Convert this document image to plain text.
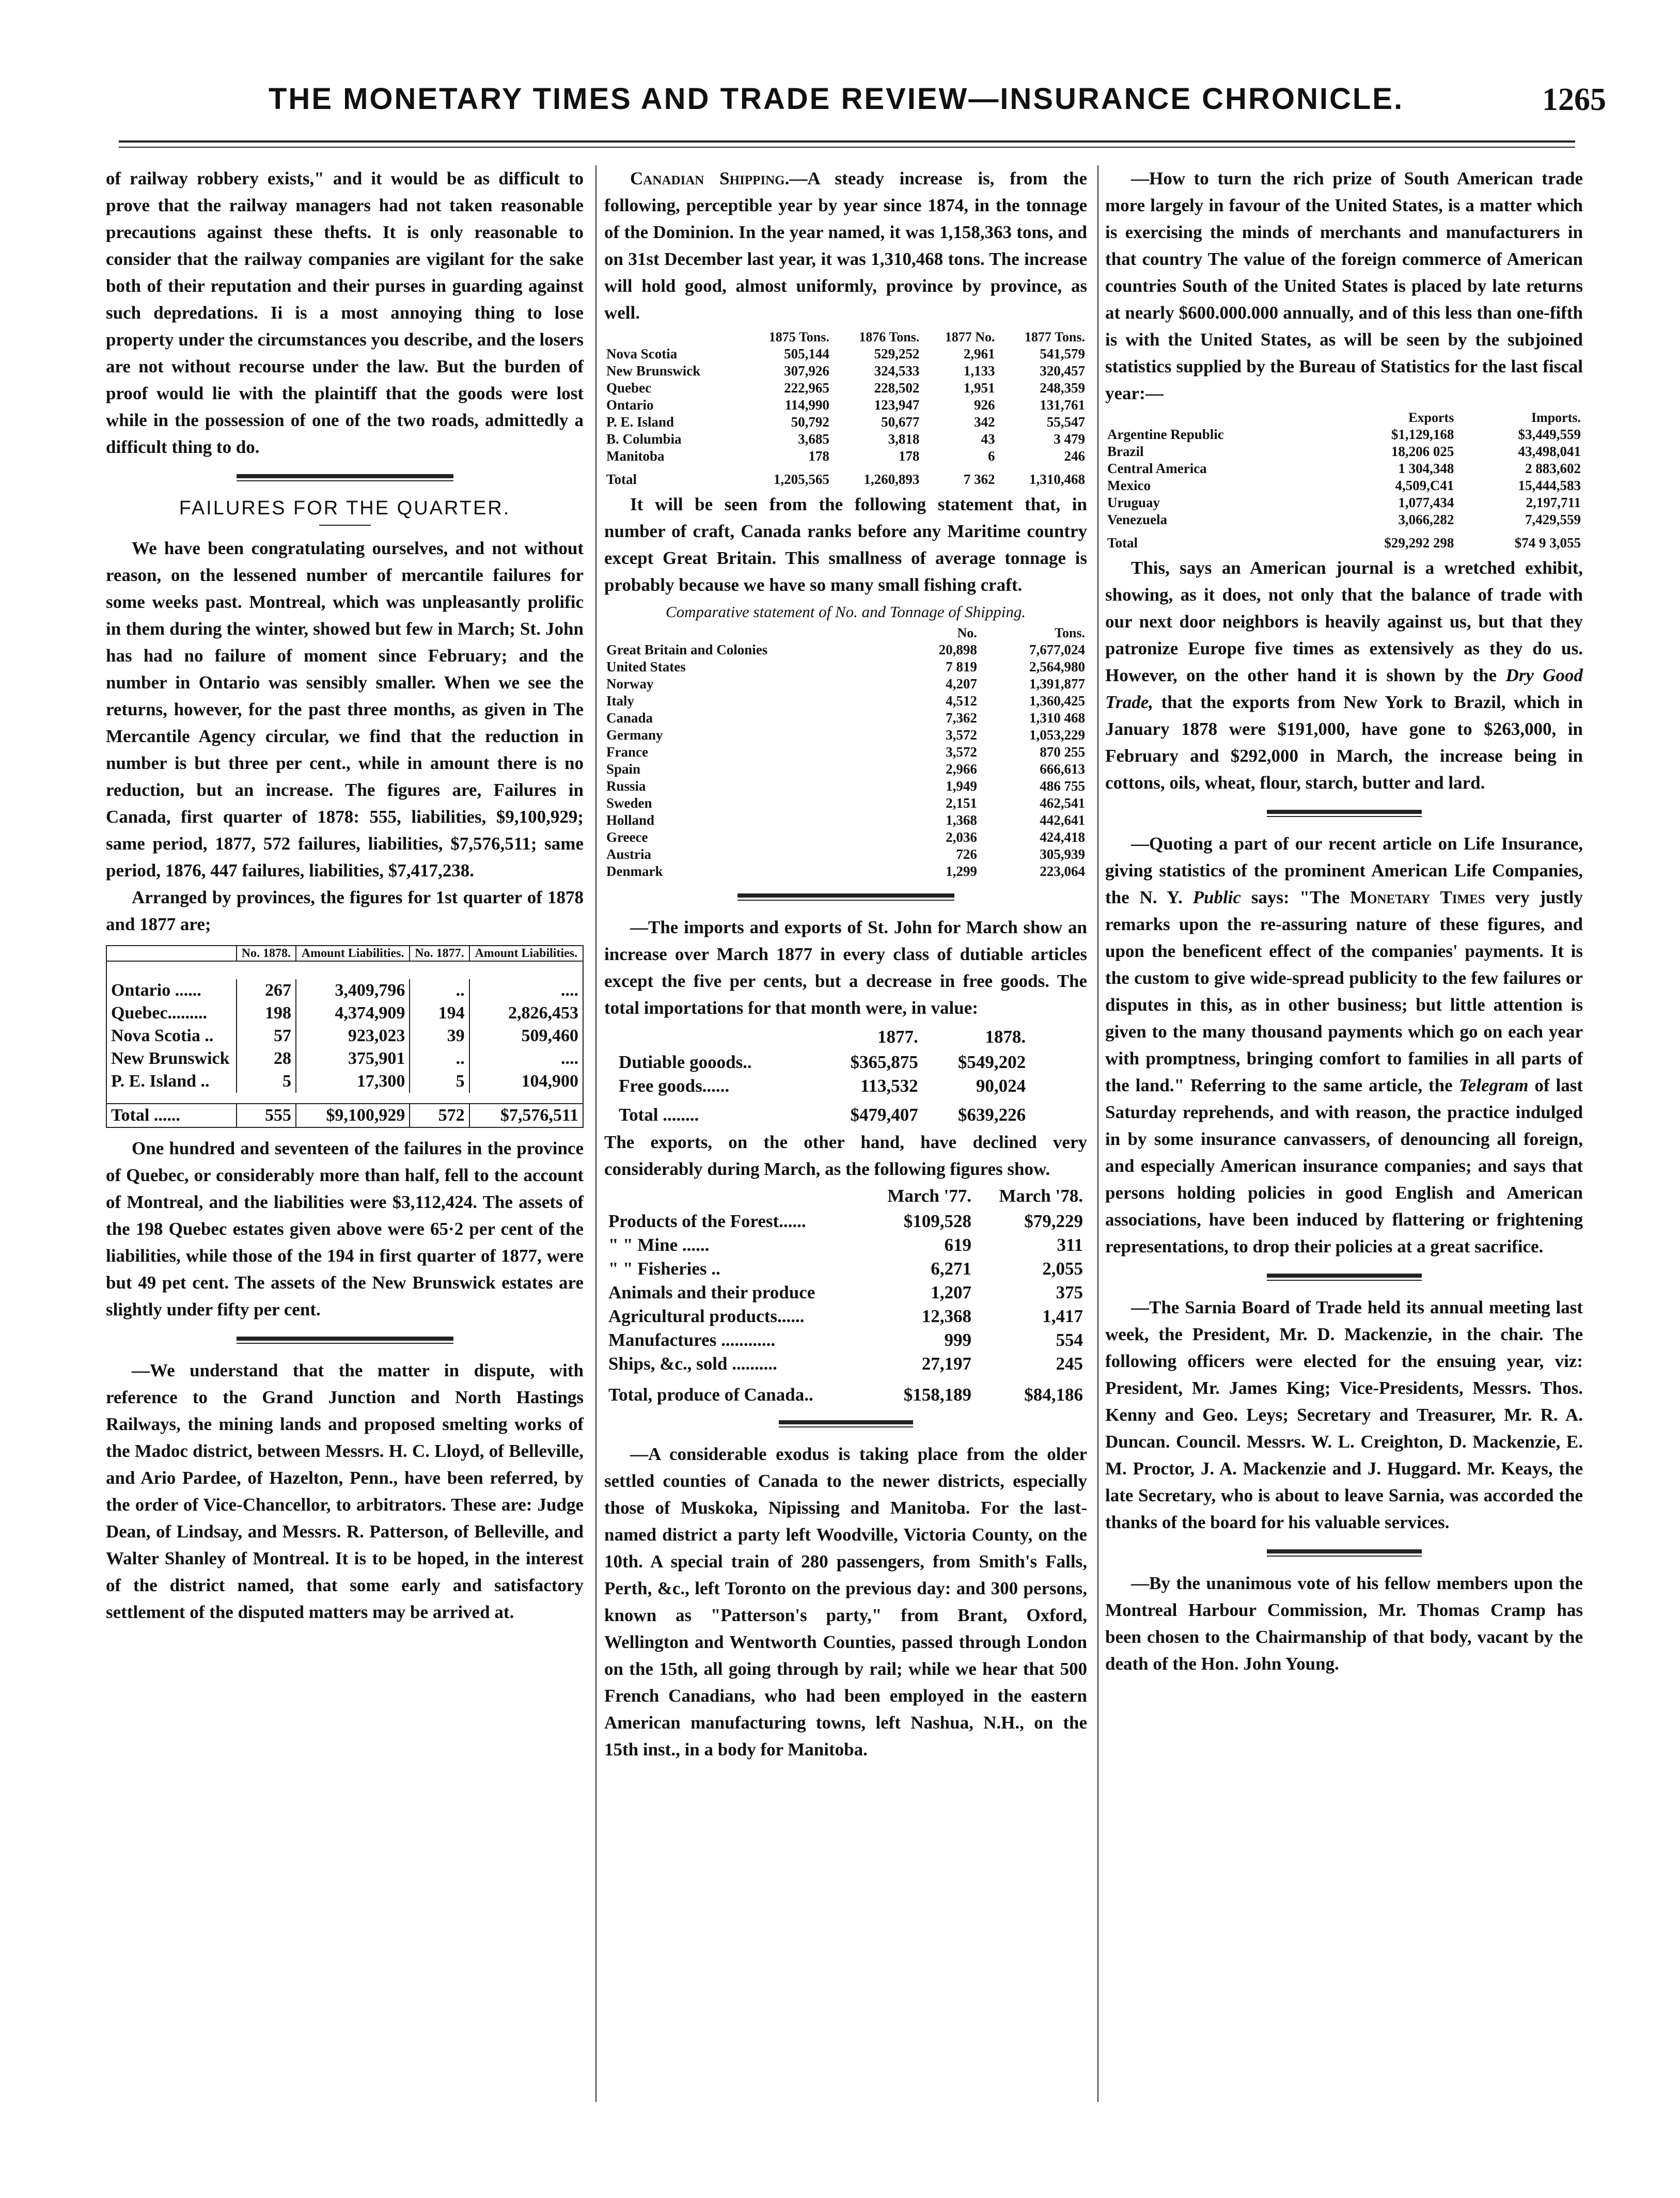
THE MONETARY TIMES AND TRADE REVIEW—INSURANCE CHRONICLE.	1265

of railway robbery exists," and it would be as difficult to prove that the railway managers had not taken reasonable precautions against these thefts. It is only reasonable to consider that the railway companies are vigilant for the sake both of their reputation and their purses in guarding against such depredations. Ii is a most annoying thing to lose property under the circumstances you describe, and the losers are not without recourse under the law. But the burden of proof would lie with the plaintiff that the goods were lost while in the possession of one of the two roads, admittedly a difficult thing to do.

FAILURES FOR THE QUARTER.

We have been congratulating ourselves, and not without reason, on the lessened number of mercantile failures for some weeks past. Montreal, which was unpleasantly prolific in them during the winter, showed but few in March; St. John has had no failure of moment since February; and the number in Ontario was sensibly smaller. When we see the returns, however, for the past three months, as given in The Mercantile Agency circular, we find that the reduction in number is but three per cent., while in amount there is no reduction, but an increase. The figures are, Failures in Canada, first quarter of 1878: 555, liabilities, $9,100,929; same period, 1877, 572 failures, liabilities, $7,576,511; same period, 1876, 447 failures, liabilities, $7,417,238.

Arranged by provinces, the figures for 1st quarter of 1878 and 1877 are;

	No. 1878.	Amount Liabilities.	No. 1877.	Amount Liabilities.

Ontario ......	267	3,409,796	..	....
Quebec.........	198	4,374,909	194	2,826,453
Nova Scotia ..	57	923,023	39	509,460
New Brunswick	28	375,901	..	....
P. E. Island ..	5	17,300	5	104,900

Total ......	555	$9,100,929	572	$7,576,511

One hundred and seventeen of the failures in the province of Quebec, or considerably more than half, fell to the account of Montreal, and the liabilities were $3,112,424. The assets of the 198 Quebec estates given above were 65·2 per cent of the liabilities, while those of the 194 in first quarter of 1877, were but 49 pet cent. The assets of the New Brunswick estates are slightly under fifty per cent.

—We understand that the matter in dispute, with reference to the Grand Junction and North Hastings Railways, the mining lands and proposed smelting works of the Madoc district, between Messrs. H. C. Lloyd, of Belleville, and Ario Pardee, of Hazelton, Penn., have been referred, by the order of Vice-Chancellor, to arbitrators. These are: Judge Dean, of Lindsay, and Messrs. R. Patterson, of Belleville, and Walter Shanley of Montreal. It is to be hoped, in the interest of the district named, that some early and satisfactory settlement of the disputed matters may be arrived at.

Canadian Shipping.—A steady increase is, from the following, perceptible year by year since 1874, in the tonnage of the Dominion. In the year named, it was 1,158,363 tons, and on 31st December last year, it was 1,310,468 tons. The increase will hold good, almost uniformly, province by province, as well.

	1875 Tons.	1876 Tons.	1877 No.	1877 Tons.
Nova Scotia	505,144	529,252	2,961	541,579
New Brunswick	307,926	324,533	1,133	320,457
Quebec	222,965	228,502	1,951	248,359
Ontario	114,990	123,947	926	131,761
P. E. Island	50,792	50,677	342	55,547
B. Columbia	3,685	3,818	43	3 479
Manitoba	178	178	6	246
Total	1,205,565	1,260,893	7 362	1,310,468

It will be seen from the following statement that, in number of craft, Canada ranks before any Maritime country except Great Britain. This smallness of average tonnage is probably because we have so many small fishing craft.

Comparative statement of No. and Tonnage of Shipping.
	No.	Tons.
Great Britain and Colonies	20,898	7,677,024
United States	7 819	2,564,980
Norway	4,207	1,391,877
Italy	4,512	1,360,425
Canada	7,362	1,310 468
Germany	3,572	1,053,229
France	3,572	870 255
Spain	2,966	666,613
Russia	1,949	486 755
Sweden	2,151	462,541
Holland	1,368	442,641
Greece	2,036	424,418
Austria	726	305,939
Denmark	1,299	223,064

—The imports and exports of St. John for March show an increase over March 1877 in every class of dutiable articles except the five per cents, but a decrease in free goods. The total importations for that month were, in value:

	1877.	1878.
Dutiable gooods..	$365,875	$549,202
Free goods......	113,532	90,024
Total ........	$479,407	$639,226

The exports, on the other hand, have declined very considerably during March, as the following figures show.

	March '77.	March '78.
Products of the Forest......	$109,528	$79,229
" " Mine ......	619	311
" " Fisheries ..	6,271	2,055
Animals and their produce	1,207	375
Agricultural products......	12,368	1,417
Manufactures ............	999	554
Ships, &c., sold ..........	27,197	245
Total, produce of Canada..	$158,189	$84,186

—A considerable exodus is taking place from the older settled counties of Canada to the newer districts, especially those of Muskoka, Nipissing and Manitoba. For the last-named district a party left Woodville, Victoria County, on the 10th. A special train of 280 passengers, from Smith's Falls, Perth, &c., left Toronto on the previous day: and 300 persons, known as "Patterson's party," from Brant, Oxford, Wellington and Wentworth Counties, passed through London on the 15th, all going through by rail; while we hear that 500 French Canadians, who had been employed in the eastern American manufacturing towns, left Nashua, N.H., on the 15th inst., in a body for Manitoba.

—How to turn the rich prize of South American trade more largely in favour of the United States, is a matter which is exercising the minds of merchants and manufacturers in that country The value of the foreign commerce of American countries South of the United States is placed by late returns at nearly $600.000.000 annually, and of this less than one-fifth is with the United States, as will be seen by the subjoined statistics supplied by the Bureau of Statistics for the last fiscal year:—

	Exports	Imports.
Argentine Republic	$1,129,168	$3,449,559
Brazil	18,206 025	43,498,041
Central America	1 304,348	2 883,602
Mexico	4,509,C41	15,444,583
Uruguay	1,077,434	2,197,711
Venezuela	3,066,282	7,429,559
Total	$29,292 298	$74 9 3,055

This, says an American journal is a wretched exhibit, showing, as it does, not only that the balance of trade with our next door neighbors is heavily against us, but that they patronize Europe five times as extensively as they do us. However, on the other hand it is shown by the Dry Good Trade, that the exports from New York to Brazil, which in January 1878 were $191,000, have gone to $263,000, in February and $292,000 in March, the increase being in cottons, oils, wheat, flour, starch, butter and lard.

—Quoting a part of our recent article on Life Insurance, giving statistics of the prominent American Life Companies, the N. Y. Public says: "The Monetary Times very justly remarks upon the re-assuring nature of these figures, and upon the beneficent effect of the companies' payments. It is the custom to give wide-spread publicity to the few failures or disputes in this, as in other business; but little attention is given to the many thousand payments which go on each year with promptness, bringing comfort to families in all parts of the land." Referring to the same article, the Telegram of last Saturday reprehends, and with reason, the practice indulged in by some insurance canvassers, of denouncing all foreign, and especially American insurance companies; and says that persons holding policies in good English and American associations, have been induced by flattering or frightening representations, to drop their policies at a great sacrifice.

—The Sarnia Board of Trade held its annual meeting last week, the President, Mr. D. Mackenzie, in the chair. The following officers were elected for the ensuing year, viz: President, Mr. James King; Vice-Presidents, Messrs. Thos. Kenny and Geo. Leys; Secretary and Treasurer, Mr. R. A. Duncan. Council. Messrs. W. L. Creighton, D. Mackenzie, E. M. Proctor, J. A. Mackenzie and J. Huggard. Mr. Keays, the late Secretary, who is about to leave Sarnia, was accorded the thanks of the board for his valuable services.

—By the unanimous vote of his fellow members upon the Montreal Harbour Commission, Mr. Thomas Cramp has been chosen to the Chairmanship of that body, vacant by the death of the Hon. John Young.
